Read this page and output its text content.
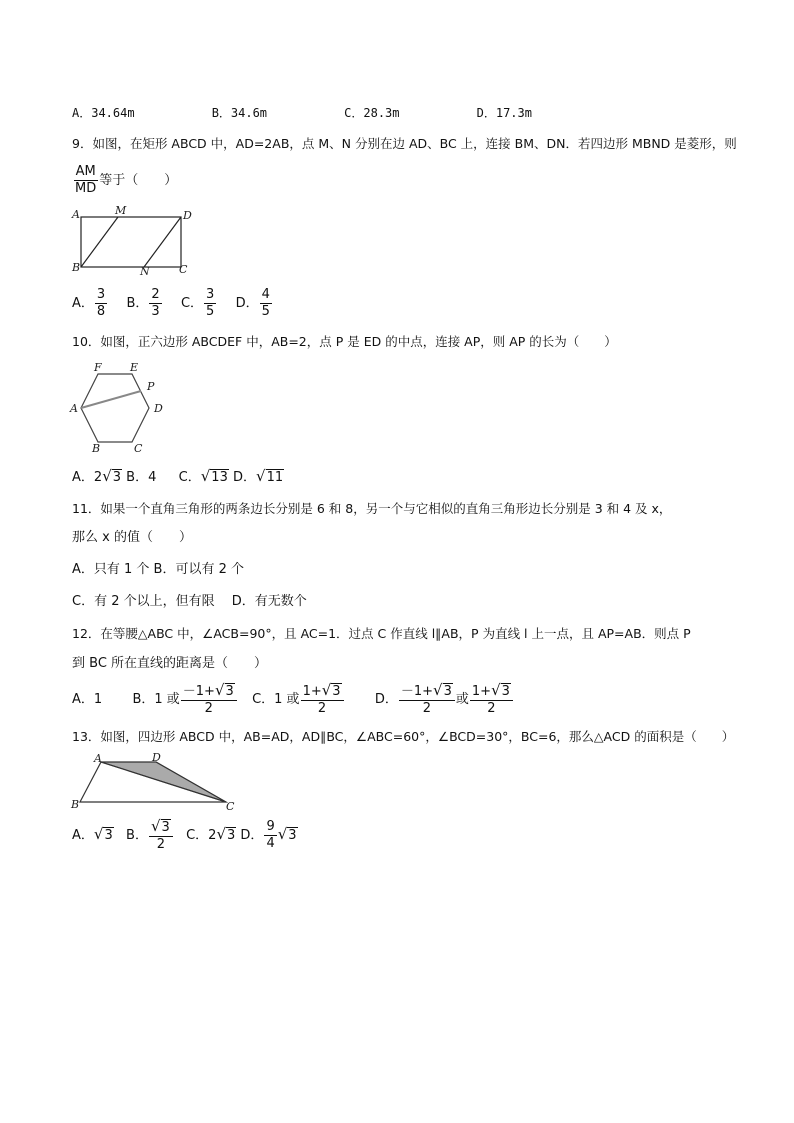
A．34.64m	B．34.6m	C．28.3m	D．17.3m
9．如图，在矩形 ABCD 中，AD=2AB，点 M、N 分别在边 AD、BC 上，连接 BM、DN．若四边形 MBND 是菱形，则
$\frac{AM}{MD}$ 等于（　　）
A	M	D
B	N	C
A． $\frac{3}{8}$ B． $\frac{2}{3}$ C． $\frac{3}{5}$ D． $\frac{4}{5}$
10．如图，正六边形 ABCDEF 中，AB=2，点 P 是 ED 的中点，连接 AP，则 AP 的长为（　　）
F	E
P
A	D
B	C
A．2√3 B．4 C．√13 D．√11
11．如果一个直角三角形的两条边长分别是 6 和 8，另一个与它相似的直角三角形边长分别是 3 和 4 及 x，
那么 x 的值（　　）
A．只有 1 个 B．可以有 2 个
C．有 2 个以上，但有限　 D．有无数个
12．在等腰△ABC 中，∠ACB=90°，且 AC=1．过点 C 作直线 l∥AB，P 为直线 l 上一点，且 AP=AB．则点 P
到 BC 所在直线的距离是（　　）
A．1 B．1 或 $\frac{-1+√3}{2}$ C．1 或 $\frac{1+√3}{2}$ D． $\frac{-1+√3}{2}$ 或 $\frac{1+√3}{2}$
13．如图，四边形 ABCD 中，AB=AD，AD∥BC，∠ABC=60°，∠BCD=30°，BC=6，那么△ACD 的面积是（　　）
A	D
B	C
A．√3 B． $\frac{√3}{2}$ C．2√3 D． $\frac{9}{4} √3$
